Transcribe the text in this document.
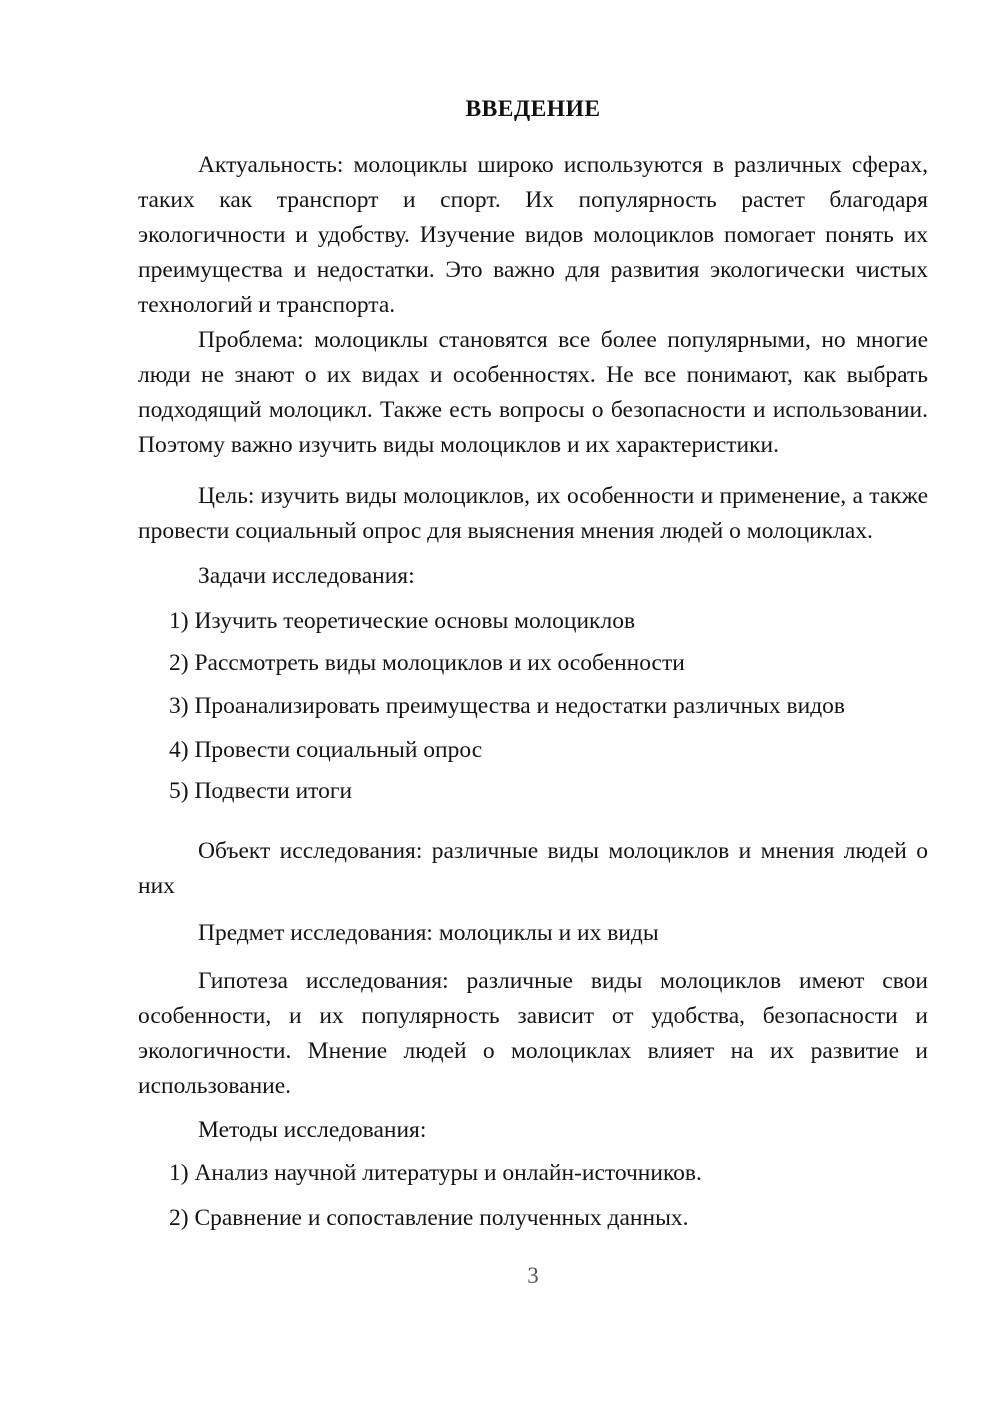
ВВЕДЕНИЕ

Актуальность: молоциклы широко используются в различных сферах, таких как транспорт и спорт. Их популярность растет благодаря экологичности и удобству. Изучение видов молоциклов помогает понять их преимущества и недостатки. Это важно для развития экологически чистых технологий и транспорта.

Проблема: молоциклы становятся все более популярными, но многие люди не знают о их видах и особенностях. Не все понимают, как выбрать подходящий молоцикл. Также есть вопросы о безопасности и использовании. Поэтому важно изучить виды молоциклов и их характеристики.

Цель: изучить виды молоциклов, их особенности и применение, а также провести социальный опрос для выяснения мнения людей о молоциклах.

Задачи исследования:

1) Изучить теоретические основы молоциклов

2) Рассмотреть виды молоциклов и их особенности

3) Проанализировать преимущества и недостатки различных видов

4) Провести социальный опрос

5) Подвести итоги

Объект исследования: различные виды молоциклов и мнения людей о них

Предмет исследования: молоциклы и их виды

Гипотеза исследования: различные виды молоциклов имеют свои особенности, и их популярность зависит от удобства, безопасности и экологичности. Мнение людей о молоциклах влияет на их развитие и использование.

Методы исследования:

1) Анализ научной литературы и онлайн-источников.

2) Сравнение и сопоставление полученных данных.

3
